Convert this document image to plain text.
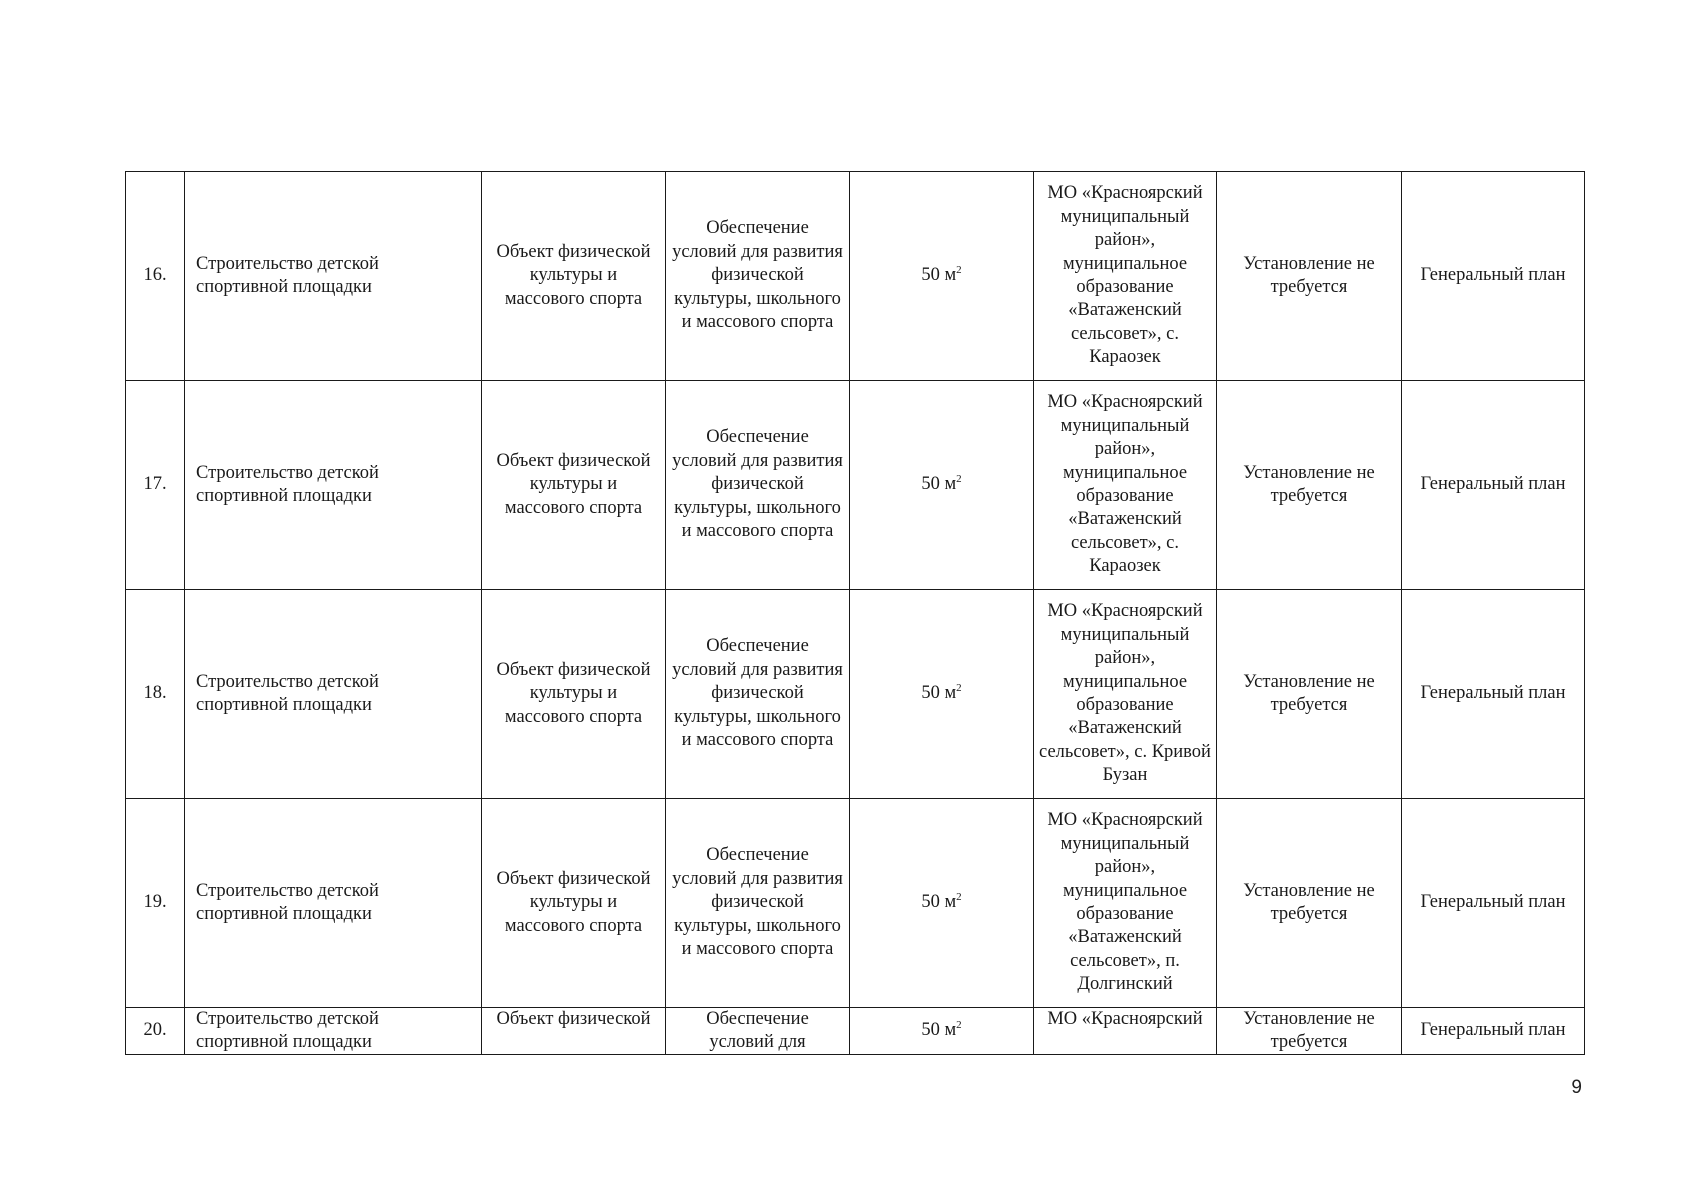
16.	Строительство детской спортивной площадки	Объект физической культуры и массового спорта	Обеспечение условий для развития физической культуры, школьного и массового спорта	50 $м^2$	МО «Красноярский муниципальный район», муниципальное образование «Ватаженский сельсовет», с. Караозек	Установление не требуется	Генеральный план

17.	Строительство детской спортивной площадки	Объект физической культуры и массового спорта	Обеспечение условий для развития физической культуры, школьного и массового спорта	50 $м^2$	МО «Красноярский муниципальный район», муниципальное образование «Ватаженский сельсовет», с. Караозек	Установление не требуется	Генеральный план

18.	Строительство детской спортивной площадки	Объект физической культуры и массового спорта	Обеспечение условий для развития физической культуры, школьного и массового спорта	50 $м^2$	МО «Красноярский муниципальный район», муниципальное образование «Ватаженский сельсовет», с. Кривой Бузан	Установление не требуется	Генеральный план

19.	Строительство детской спортивной площадки	Объект физической культуры и массового спорта	Обеспечение условий для развития физической культуры, школьного и массового спорта	50 $м^2$	МО «Красноярский муниципальный район», муниципальное образование «Ватаженский сельсовет», п. Долгинский	Установление не требуется	Генеральный план

20.	Строительство детской спортивной площадки	Объект физической	Обеспечение условий для	50 $м^2$	МО «Красноярский	Установление не требуется	Генеральный план
9
